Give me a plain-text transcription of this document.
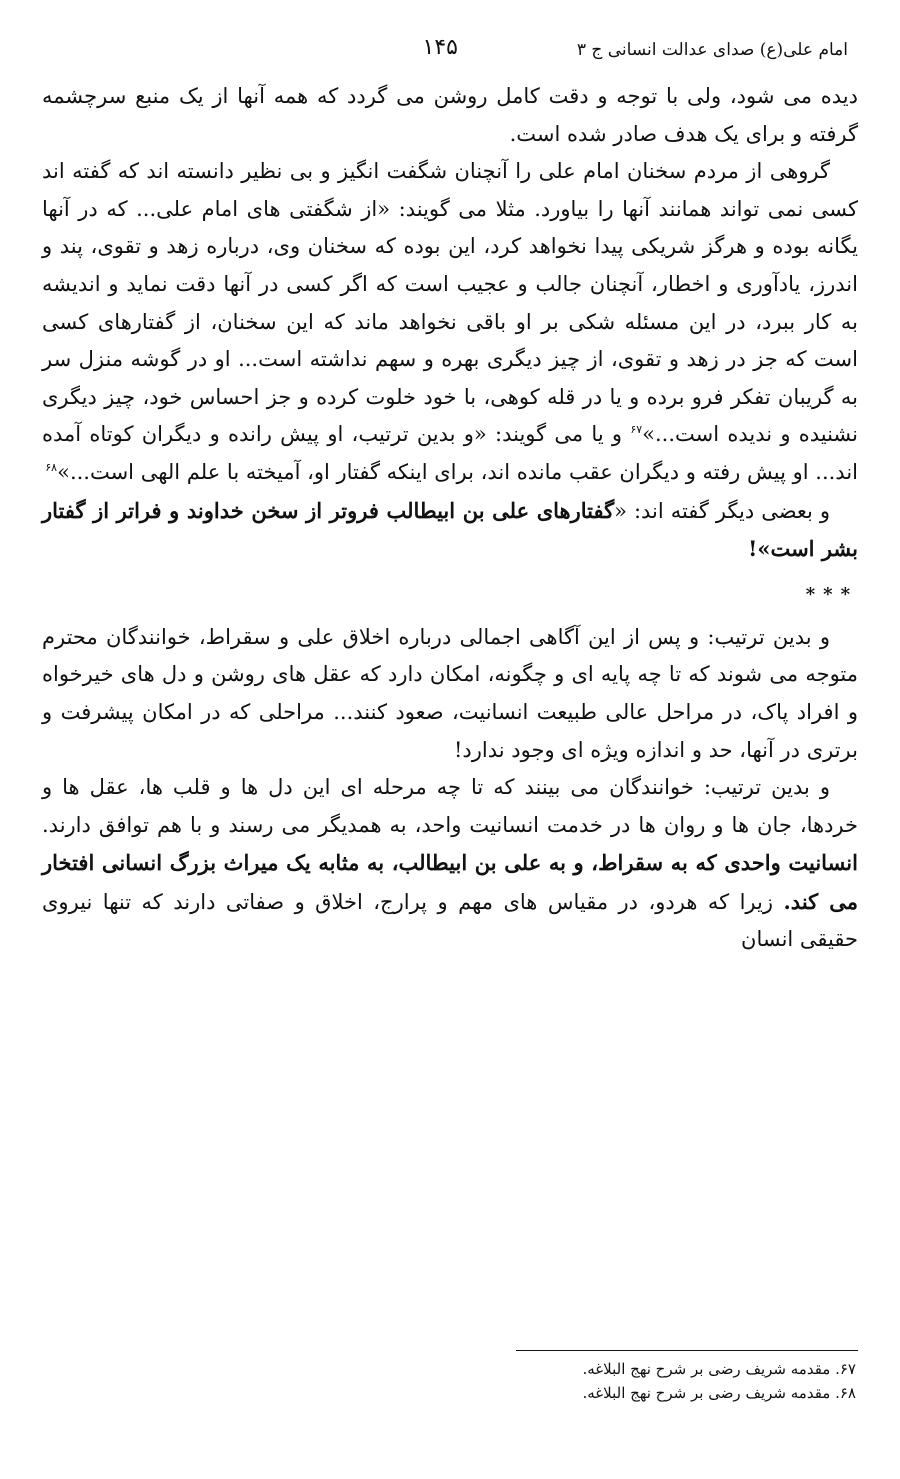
امام علی(ع) صدای عدالت انسانی ج ۳
۱۴۵

دیده می شود، ولی با توجه و دقت کامل روشن می گردد که همه آنها از یک منبع سرچشمه گرفته و برای یک هدف صادر شده است.

گروهی از مردم سخنان امام علی را آنچنان شگفت انگیز و بی نظیر دانسته اند که گفته اند کسی نمی تواند همانند آنها را بیاورد. مثلا می گویند: «از شگفتی های امام علی... که در آنها یگانه بوده و هرگز شریکی پیدا نخواهد کرد، این بوده که سخنان وی، درباره زهد و تقوی، پند و اندرز، یادآوری و اخطار، آنچنان جالب و عجیب است که اگر کسی در آنها دقت نماید و اندیشه به کار ببرد، در این مسئله شکی بر او باقی نخواهد ماند که این سخنان، از گفتارهای کسی است که جز در زهد و تقوی، از چیز دیگری بهره و سهم نداشته است... او در گوشه منزل سر به گریبان تفکر فرو برده و یا در قله کوهی، با خود خلوت کرده و جز احساس خود، چیز دیگری نشنیده و ندیده است...»$^{۶۷}$ و یا می گویند: «و بدین ترتیب، او پیش رانده و دیگران کوتاه آمده اند... او پیش رفته و دیگران عقب مانده اند، برای اینکه گفتار او، آمیخته با علم الهی است...»$^{۶۸}$

و بعضی دیگر گفته اند: «گفتارهای علی بن ابیطالب فروتر از سخن خداوند و فراتر از گفتار بشر است»!

***

و بدین ترتیب: و پس از این آگاهی اجمالی درباره اخلاق علی و سقراط، خوانندگان محترم متوجه می شوند که تا چه پایه ای و چگونه، امکان دارد که عقل های روشن و دل های خیرخواه و افراد پاک، در مراحل عالی طبیعت انسانیت، صعود کنند... مراحلی که در امکان پیشرفت و برتری در آنها، حد و اندازه ویژه ای وجود ندارد!

و بدین ترتیب: خوانندگان می بینند که تا چه مرحله ای این دل ها و قلب ها، عقل ها و خردها، جان ها و روان ها در خدمت انسانیت واحد، به همدیگر می رسند و با هم توافق دارند. انسانیت واحدی که به سقراط، و به علی بن ابیطالب، به مثابه یک میراث بزرگ انسانی افتخار می کند. زیرا که هردو، در مقیاس های مهم و پرارج، اخلاق و صفاتی دارند که تنها نیروی حقیقی انسان

۶۷. مقدمه شریف رضی بر شرح نهج البلاغه.

۶۸. مقدمه شریف رضی بر شرح نهج البلاغه.
